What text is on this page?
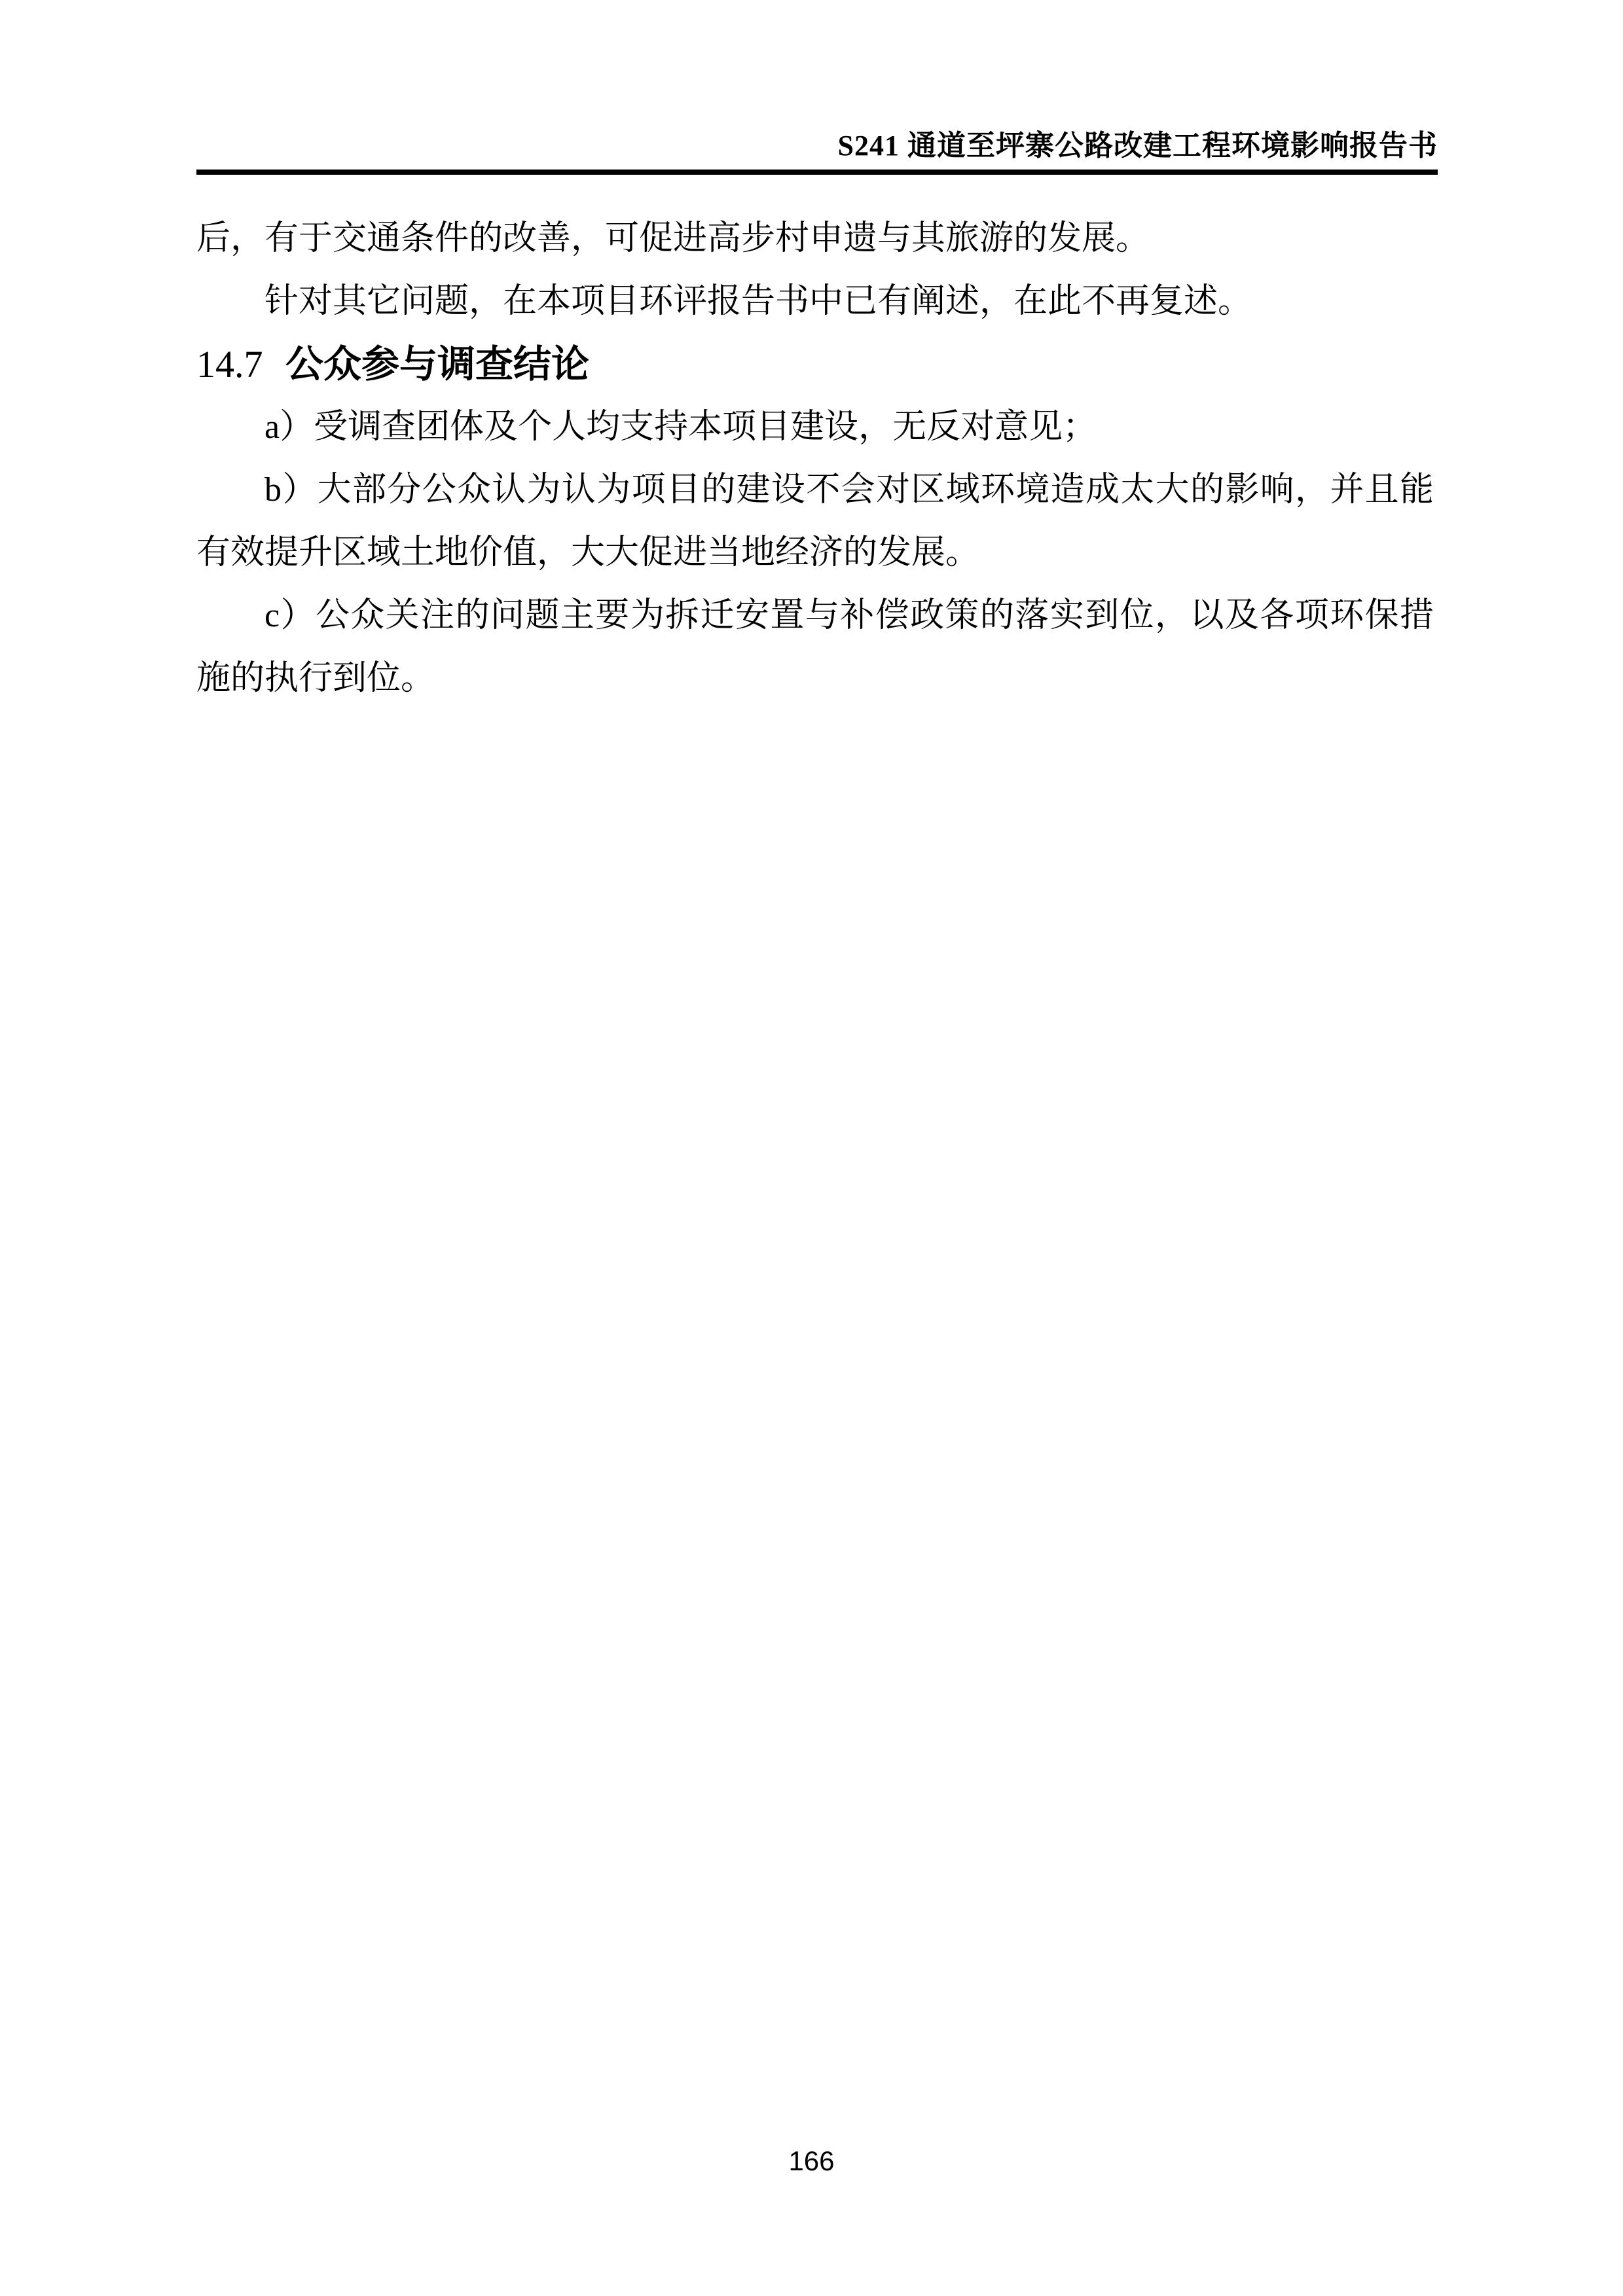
S241 通道至坪寨公路改建工程环境影响报告书

后，有于交通条件的改善，可促进高步村申遗与其旅游的发展。

针对其它问题，在本项目环评报告书中已有阐述，在此不再复述。

14.7 公众参与调查结论

a）受调查团体及个人均支持本项目建设，无反对意见；

b）大部分公众认为认为项目的建设不会对区域环境造成太大的影响，并且能有效提升区域土地价值，大大促进当地经济的发展。

c）公众关注的问题主要为拆迁安置与补偿政策的落实到位，以及各项环保措施的执行到位。

166
